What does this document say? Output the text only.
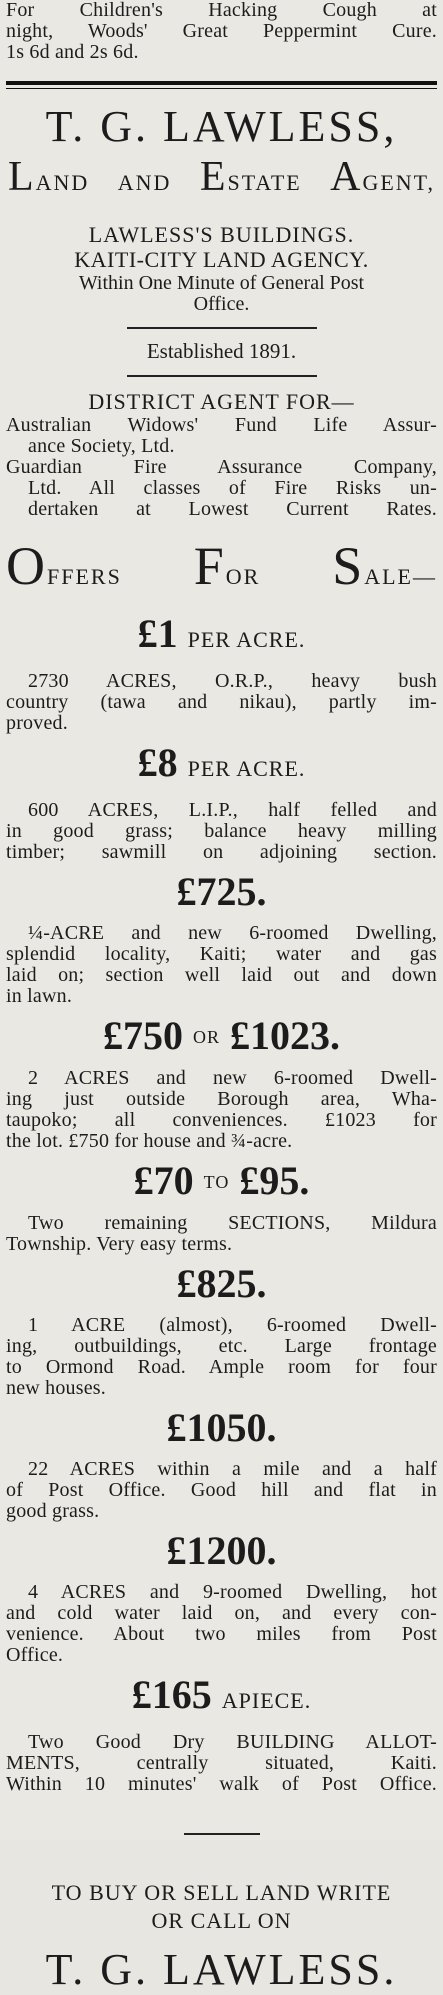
For Children's Hacking Cough at
night, Woods' Great Peppermint Cure.
1s 6d and 2s 6d.
T. G. LAWLESS,
LAND AND ESTATE AGENT,
LAWLESS'S BUILDINGS.
KAITI-CITY LAND AGENCY.
Within One Minute of General Post
Office.
Established 1891.
DISTRICT AGENT FOR—
Australian Widows' Fund Life Assur-
ance Society, Ltd.
Guardian Fire Assurance Company,
Ltd. All classes of Fire Risks un-
dertaken at Lowest Current Rates.
OFFERS FOR SALE—
£1 PER ACRE.
2730 ACRES, O.R.P., heavy bush
country (tawa and nikau), partly im-
proved.
£8 PER ACRE.
600 ACRES, L.I.P., half felled and
in good grass; balance heavy milling
timber; sawmill on adjoining section.
£725.
¼-ACRE and new 6-roomed Dwelling,
splendid locality, Kaiti; water and gas
laid on; section well laid out and down
in lawn.
£750 OR £1023.
2 ACRES and new 6-roomed Dwell-
ing just outside Borough area, Wha-
taupoko; all conveniences. £1023 for
the lot. £750 for house and ¾-acre.
£70 TO £95.
Two remaining SECTIONS, Mildura
Township. Very easy terms.
£825.
1 ACRE (almost), 6-roomed Dwell-
ing, outbuildings, etc. Large frontage
to Ormond Road. Ample room for four
new houses.
£1050.
22 ACRES within a mile and a half
of Post Office. Good hill and flat in
good grass.
£1200.
4 ACRES and 9-roomed Dwelling, hot
and cold water laid on, and every con-
venience. About two miles from Post
Office.
£165 APIECE.
Two Good Dry BUILDING ALLOT-
MENTS, centrally situated, Kaiti.
Within 10 minutes' walk of Post Office.
TO BUY OR SELL LAND WRITE
OR CALL ON
T. G. LAWLESS.
